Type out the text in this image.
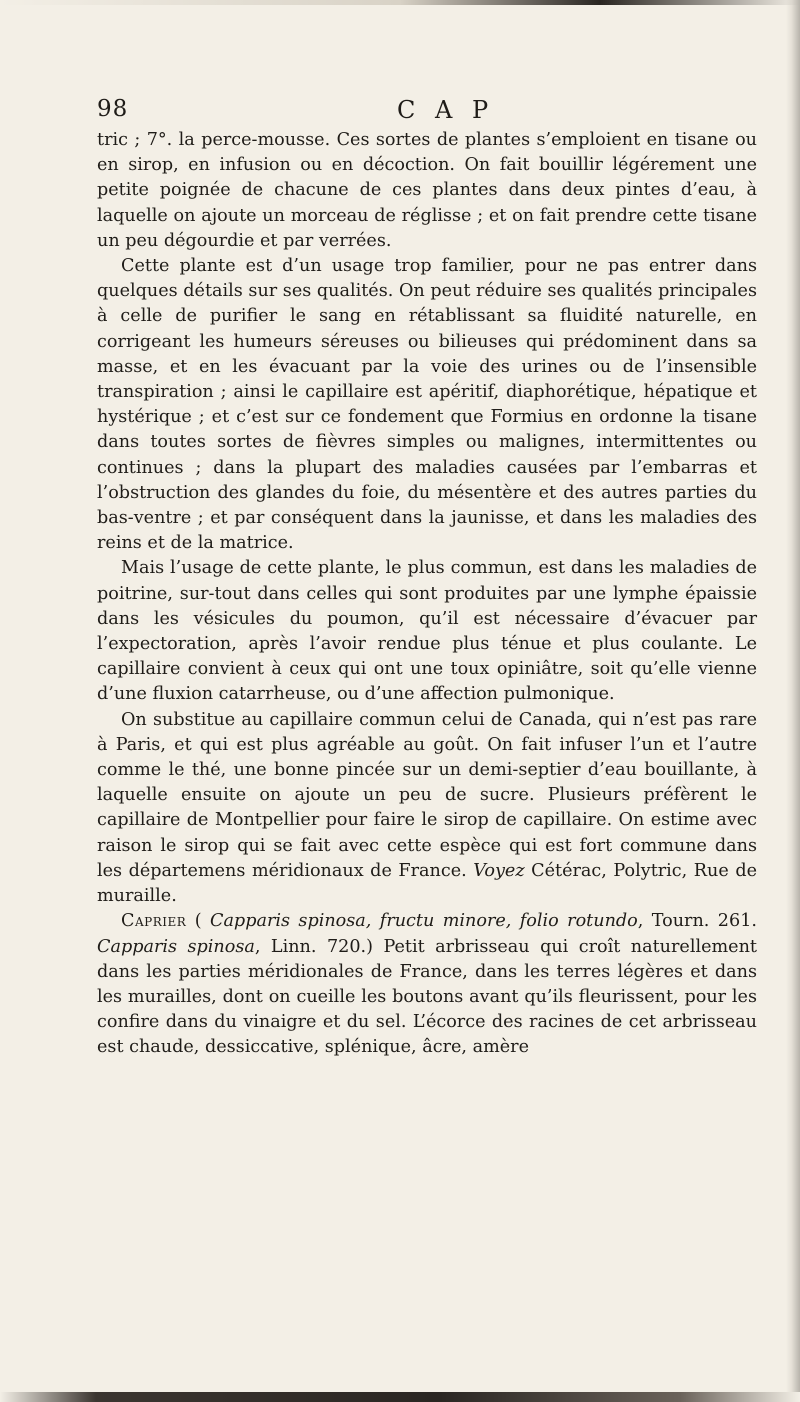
98	C A P

tric ; 7°. la perce-mousse. Ces sortes de plantes s’emploient en tisane ou en sirop, en infusion ou en décoction. On fait bouillir légérement une petite poignée de chacune de ces plantes dans deux pintes d’eau, à laquelle on ajoute un morceau de réglisse ; et on fait prendre cette tisane un peu dégourdie et par verrées.

Cette plante est d’un usage trop familier, pour ne pas entrer dans quelques détails sur ses qualités. On peut réduire ses qualités principales à celle de purifier le sang en rétablissant sa fluidité naturelle, en corrigeant les humeurs séreuses ou bilieuses qui prédominent dans sa masse, et en les évacuant par la voie des urines ou de l’insensible transpiration ; ainsi le capillaire est apéritif, diaphorétique, hépatique et hystérique ; et c’est sur ce fondement que Formius en ordonne la tisane dans toutes sortes de fièvres simples ou malignes, intermittentes ou continues ; dans la plupart des maladies causées par l’embarras et l’obstruction des glandes du foie, du mésentère et des autres parties du bas-ventre ; et par conséquent dans la jaunisse, et dans les maladies des reins et de la matrice.

Mais l’usage de cette plante, le plus commun, est dans les maladies de poitrine, sur-tout dans celles qui sont produites par une lymphe épaissie dans les vésicules du poumon, qu’il est nécessaire d’évacuer par l’expectoration, après l’avoir rendue plus ténue et plus coulante. Le capillaire convient à ceux qui ont une toux opiniâtre, soit qu’elle vienne d’une fluxion catarrheuse, ou d’une affection pulmonique.

On substitue au capillaire commun celui de Canada, qui n’est pas rare à Paris, et qui est plus agréable au goût. On fait infuser l’un et l’autre comme le thé, une bonne pincée sur un demi-septier d’eau bouillante, à laquelle ensuite on ajoute un peu de sucre. Plusieurs préfèrent le capillaire de Montpellier pour faire le sirop de capillaire. On estime avec raison le sirop qui se fait avec cette espèce qui est fort commune dans les départemens méridionaux de France. Voyez Cétérac, Polytric, Rue de muraille.

Caprier ( Capparis spinosa, fructu minore, folio rotundo, Tourn. 261. Capparis spinosa, Linn. 720.) Petit arbrisseau qui croît naturellement dans les parties méridionales de France, dans les terres légères et dans les murailles, dont on cueille les boutons avant qu’ils fleurissent, pour les confire dans du vinaigre et du sel. L’écorce des racines de cet arbrisseau est chaude, dessiccative, splénique, âcre, amère
